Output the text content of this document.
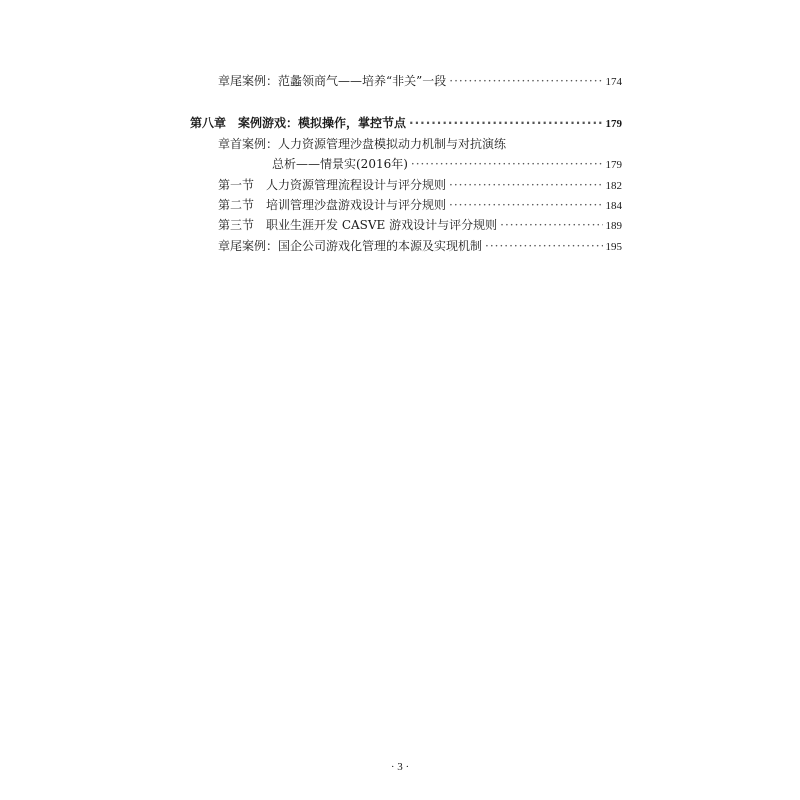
章尾案例：范蠡领商气——培养“非关”一段 ·····	174
第八章　案例游戏：模拟操作，掌控节点 ·····	179
章首案例：人力资源管理沙盘模拟动力机制与对抗演练
总析——情景实(2016年) ·····	179
第一节　人力资源管理流程设计与评分规则 ·····	182
第二节　培训管理沙盘游戏设计与评分规则 ·····	184
第三节　职业生涯开发 CASVE 游戏设计与评分规则 ·····	189
章尾案例：国企公司游戏化管理的本源及实现机制 ·····	195
· 3 ·
